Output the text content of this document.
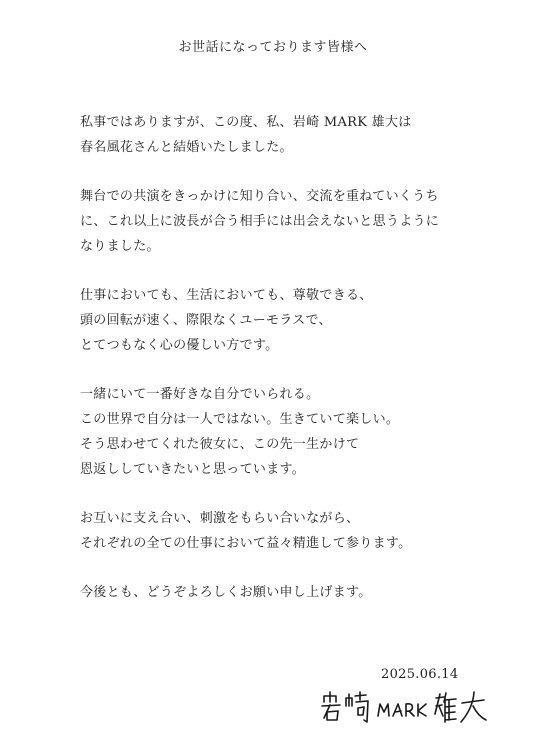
お世話になっております皆様へ
私事ではありますが、この度、私、岩崎 MARK 雄大は
春名風花さんと結婚いたしました。
舞台での共演をきっかけに知り合い、交流を重ねていくうち
に、これ以上に波長が合う相手には出会えないと思うように
なりました。
仕事においても、生活においても、尊敬できる、
頭の回転が速く、際限なくユーモラスで、
とてつもなく心の優しい方です。
一緒にいて一番好きな自分でいられる。
この世界で自分は一人ではない。生きていて楽しい。
そう思わせてくれた彼女に、この先一生かけて
恩返ししていきたいと思っています。
お互いに支え合い、刺激をもらい合いながら、
それぞれの全ての仕事において益々精進して参ります。
今後とも、どうぞよろしくお願い申し上げます。
2025.06.14
